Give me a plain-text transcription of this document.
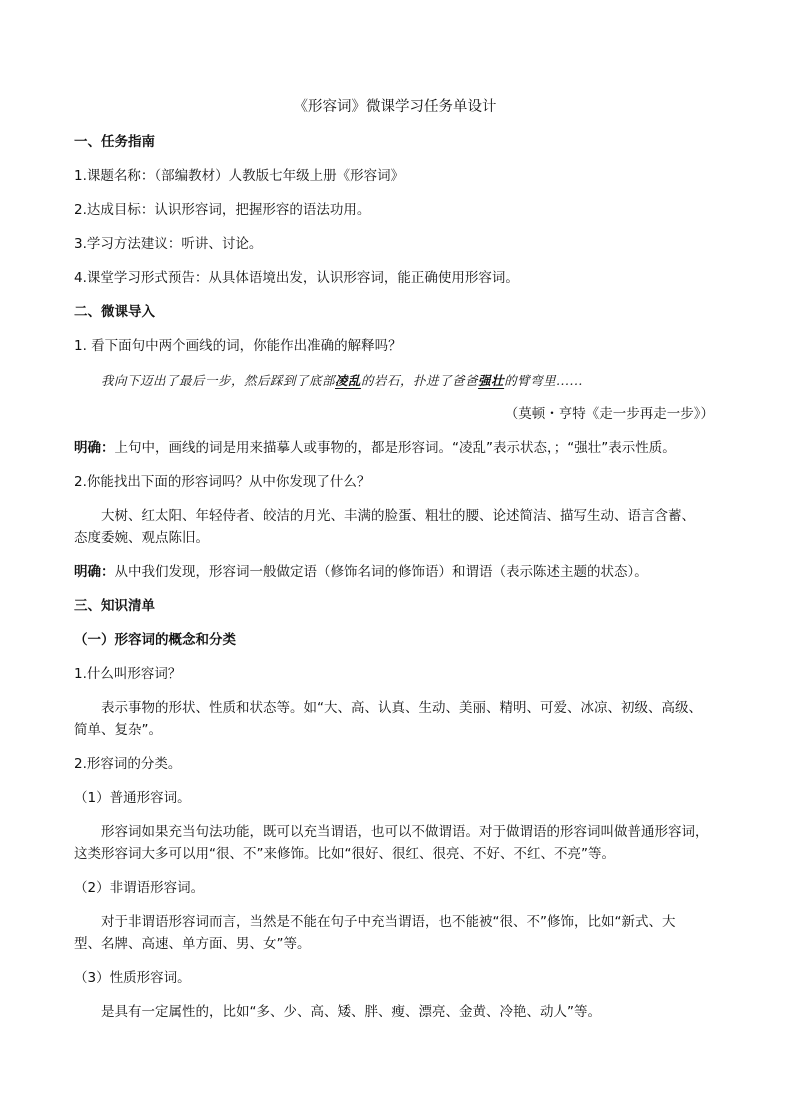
《形容词》微课学习任务单设计
一、任务指南
1.课题名称：（部编教材）人教版七年级上册《形容词》
2.达成目标：认识形容词，把握形容的语法功用。
3.学习方法建议：听讲、讨论。
4.课堂学习形式预告：从具体语境出发，认识形容词，能正确使用形容词。
二、微课导入
1. 看下面句中两个画线的词，你能作出准确的解释吗？
我向下迈出了最后一步，然后踩到了底部凌乱的岩石，扑进了爸爸强壮的臂弯里......
（莫顿・亨特《走一步再走一步》）
明确：上句中，画线的词是用来描摹人或事物的，都是形容词。“凌乱”表示状态，；“强壮”表示性质。
2.你能找出下面的形容词吗？从中你发现了什么？
大树、红太阳、年轻侍者、皎洁的月光、丰满的脸蛋、粗壮的腰、论述简洁、描写生动、语言含蓄、
态度委婉、观点陈旧。
明确：从中我们发现，形容词一般做定语（修饰名词的修饰语）和谓语（表示陈述主题的状态）。
三、知识清单
（一）形容词的概念和分类
1.什么叫形容词？
表示事物的形状、性质和状态等。如“大、高、认真、生动、美丽、精明、可爱、冰凉、初级、高级、
简单、复杂”。
2.形容词的分类。
（1）普通形容词。
形容词如果充当句法功能，既可以充当谓语，也可以不做谓语。对于做谓语的形容词叫做普通形容词，
这类形容词大多可以用“很、不”来修饰。比如“很好、很红、很亮、不好、不红、不亮”等。
（2）非谓语形容词。
对于非谓语形容词而言，当然是不能在句子中充当谓语，也不能被“很、不”修饰，比如“新式、大
型、名牌、高速、单方面、男、女”等。
（3）性质形容词。
是具有一定属性的，比如“多、少、高、矮、胖、瘦、漂亮、金黄、冷艳、动人”等。
